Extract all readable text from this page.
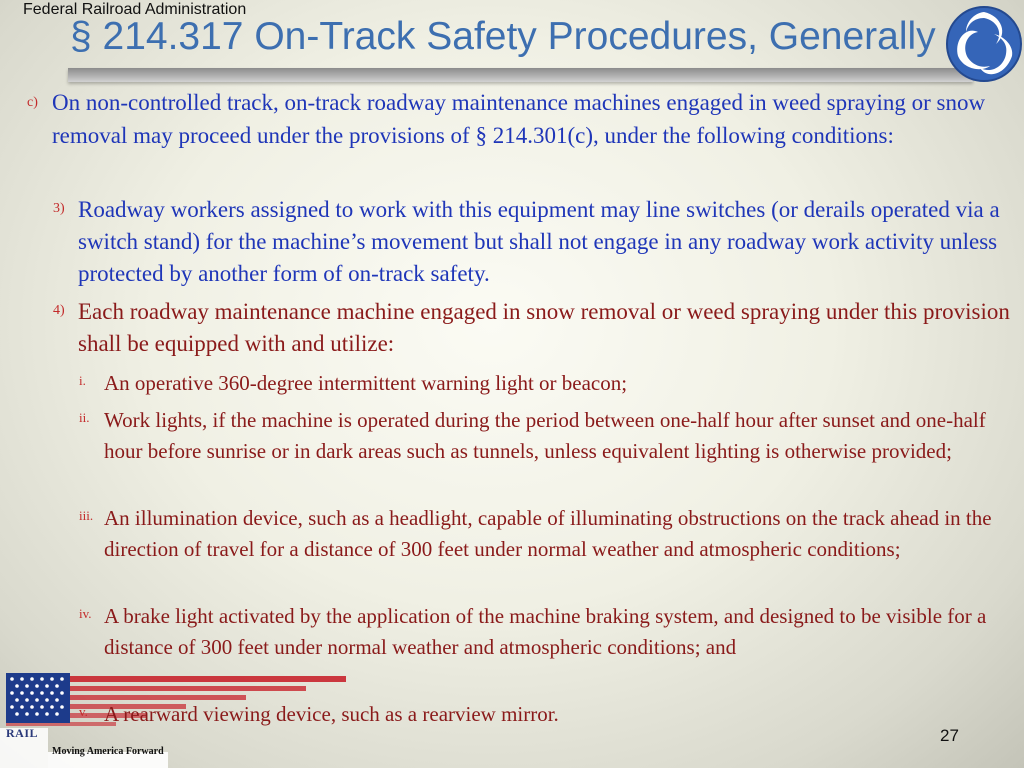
Federal Railroad Administration
§ 214.317 On-Track Safety Procedures, Generally
c) On non-controlled track, on-track roadway maintenance machines engaged in weed spraying or snow removal may proceed under the provisions of § 214.301(c), under the following conditions:
3) Roadway workers assigned to work with this equipment may line switches (or derails operated via a switch stand) for the machine’s movement but shall not engage in any roadway work activity unless protected by another form of on-track safety.
4) Each roadway maintenance machine engaged in snow removal or weed spraying under this provision shall be equipped with and utilize:
i. An operative 360-degree intermittent warning light or beacon;
ii. Work lights, if the machine is operated during the period between one-half hour after sunset and one-half hour before sunrise or in dark areas such as tunnels, unless equivalent lighting is otherwise provided;
iii. An illumination device, such as a headlight, capable of illuminating obstructions on the track ahead in the direction of travel for a distance of 300 feet under normal weather and atmospheric conditions;
iv. A brake light activated by the application of the machine braking system, and designed to be visible for a distance of 300 feet under normal weather and atmospheric conditions; and
RAIL
Moving America Forward
v. A rearward viewing device, such as a rearview mirror.
27
